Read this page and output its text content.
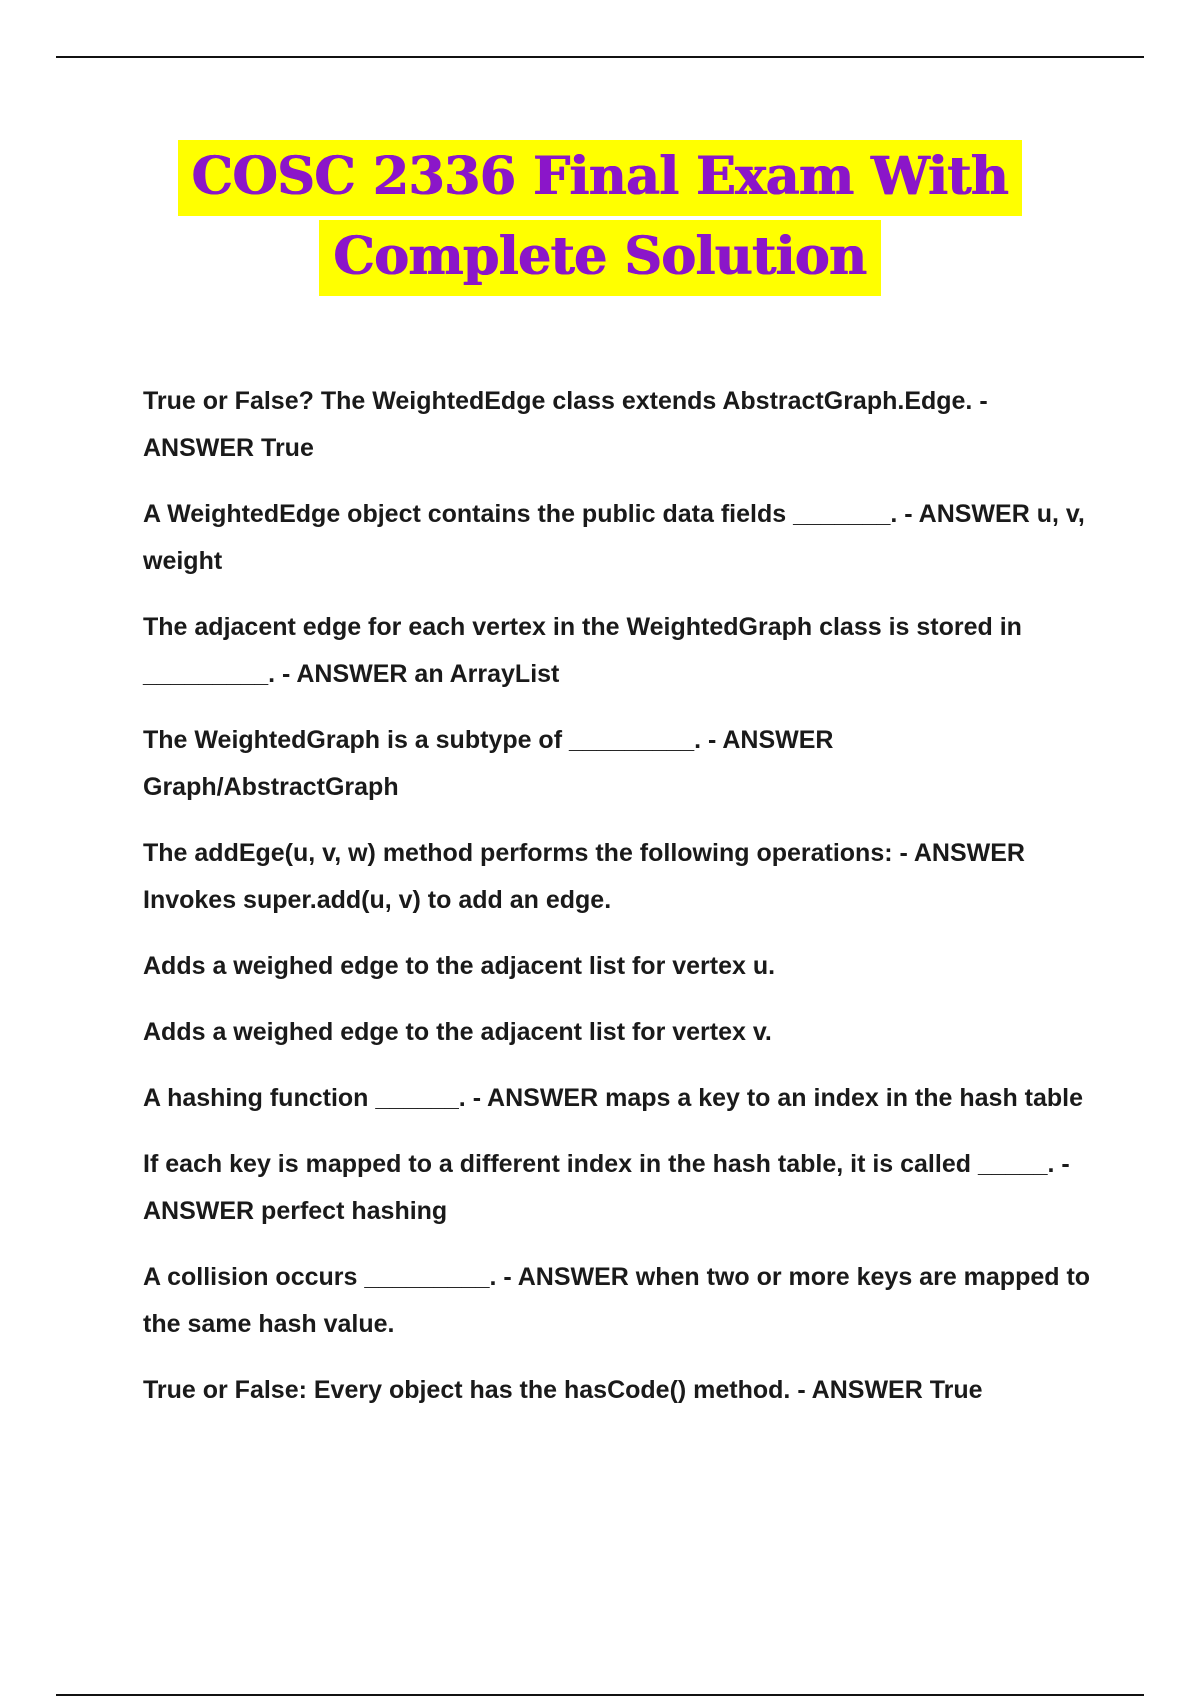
COSC 2336 Final Exam With
Complete Solution

True or False? The WeightedEdge class extends AbstractGraph.Edge. - ANSWER True

A WeightedEdge object contains the public data fields _______. - ANSWER u, v, weight

The adjacent edge for each vertex in the WeightedGraph class is stored in _________. - ANSWER an ArrayList

The WeightedGraph is a subtype of _________. - ANSWER Graph/AbstractGraph

The addEge(u, v, w) method performs the following operations: - ANSWER Invokes super.add(u, v) to add an edge.

Adds a weighed edge to the adjacent list for vertex u.

Adds a weighed edge to the adjacent list for vertex v.

A hashing function ______. - ANSWER maps a key to an index in the hash table

If each key is mapped to a different index in the hash table, it is called _____. - ANSWER perfect hashing

A collision occurs _________. - ANSWER when two or more keys are mapped to the same hash value.

True or False: Every object has the hasCode() method. - ANSWER True
